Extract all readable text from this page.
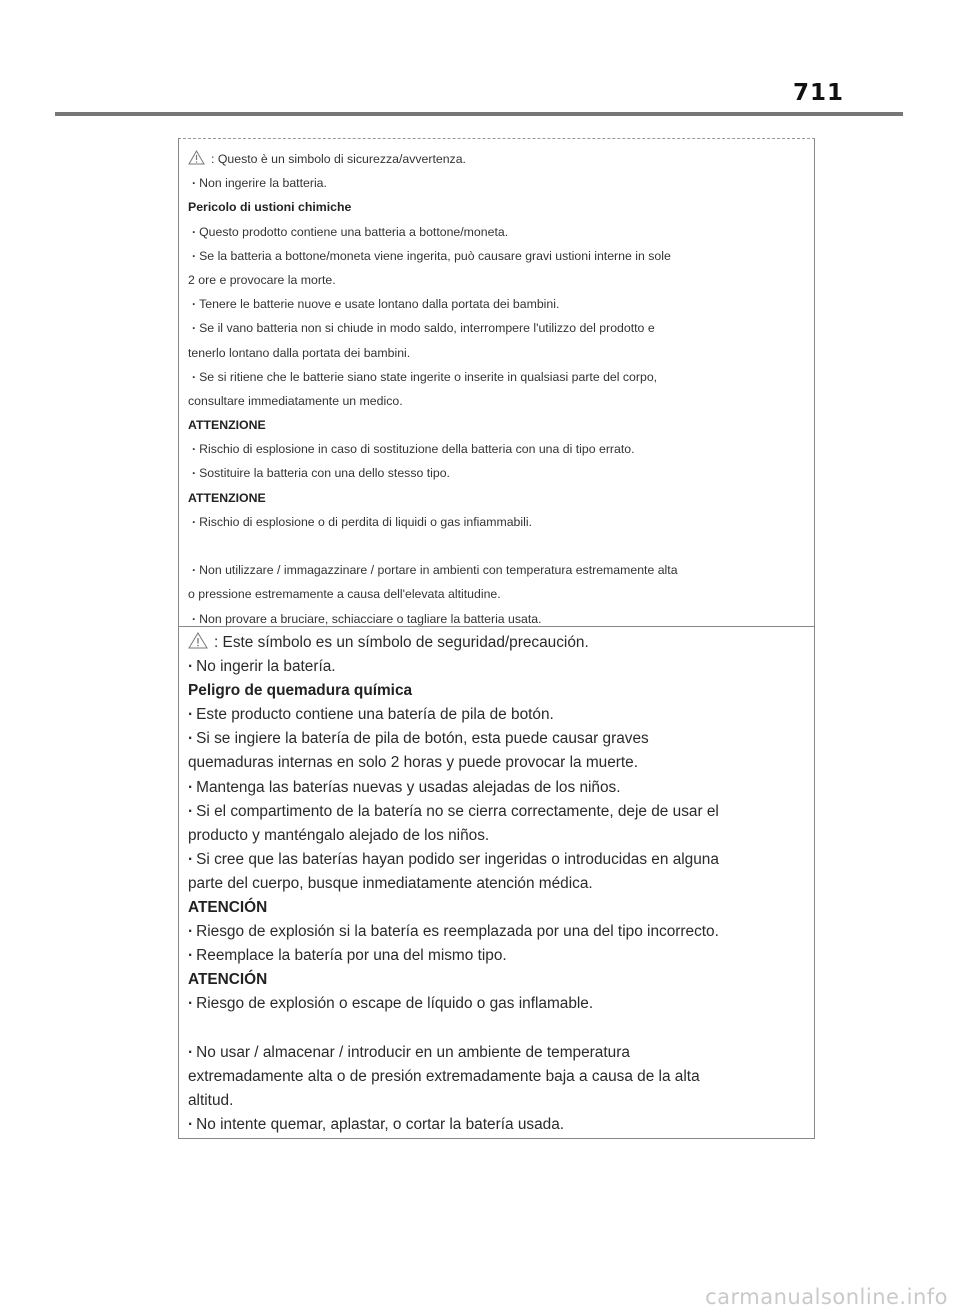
711
: Questo è un simbolo di sicurezza/avvertenza.
· Non ingerire la batteria.
Pericolo di ustioni chimiche
· Questo prodotto contiene una batteria a bottone/moneta.
· Se la batteria a bottone/moneta viene ingerita, può causare gravi ustioni interne in sole
2 ore e provocare la morte.
· Tenere le batterie nuove e usate lontano dalla portata dei bambini.
· Se il vano batteria non si chiude in modo saldo, interrompere l'utilizzo del prodotto e
tenerlo lontano dalla portata dei bambini.
· Se si ritiene che le batterie siano state ingerite o inserite in qualsiasi parte del corpo,
consultare immediatamente un medico.
ATTENZIONE
· Rischio di esplosione in caso di sostituzione della batteria con una di tipo errato.
· Sostituire la batteria con una dello stesso tipo.
ATTENZIONE
· Rischio di esplosione o di perdita di liquidi o gas infiammabili.
· Non utilizzare / immagazzinare / portare in ambienti con temperatura estremamente alta
o pressione estremamente a causa dell'elevata altitudine.
· Non provare a bruciare, schiacciare o tagliare la batteria usata.
: Este símbolo es un símbolo de seguridad/precaución.
· No ingerir la batería.
Peligro de quemadura química
· Este producto contiene una batería de pila de botón.
· Si se ingiere la batería de pila de botón, esta puede causar graves
quemaduras internas en solo 2 horas y puede provocar la muerte.
· Mantenga las baterías nuevas y usadas alejadas de los niños.
· Si el compartimento de la batería no se cierra correctamente, deje de usar el
producto y manténgalo alejado de los niños.
· Si cree que las baterías hayan podido ser ingeridas o introducidas en alguna
parte del cuerpo, busque inmediatamente atención médica.
ATENCIÓN
· Riesgo de explosión si la batería es reemplazada por una del tipo incorrecto.
· Reemplace la batería por una del mismo tipo.
ATENCIÓN
· Riesgo de explosión o escape de líquido o gas inflamable.
· No usar / almacenar / introducir en un ambiente de temperatura
extremadamente alta o de presión extremadamente baja a causa de la alta
altitud.
· No intente quemar, aplastar, o cortar la batería usada.
carmanualsonline.info
